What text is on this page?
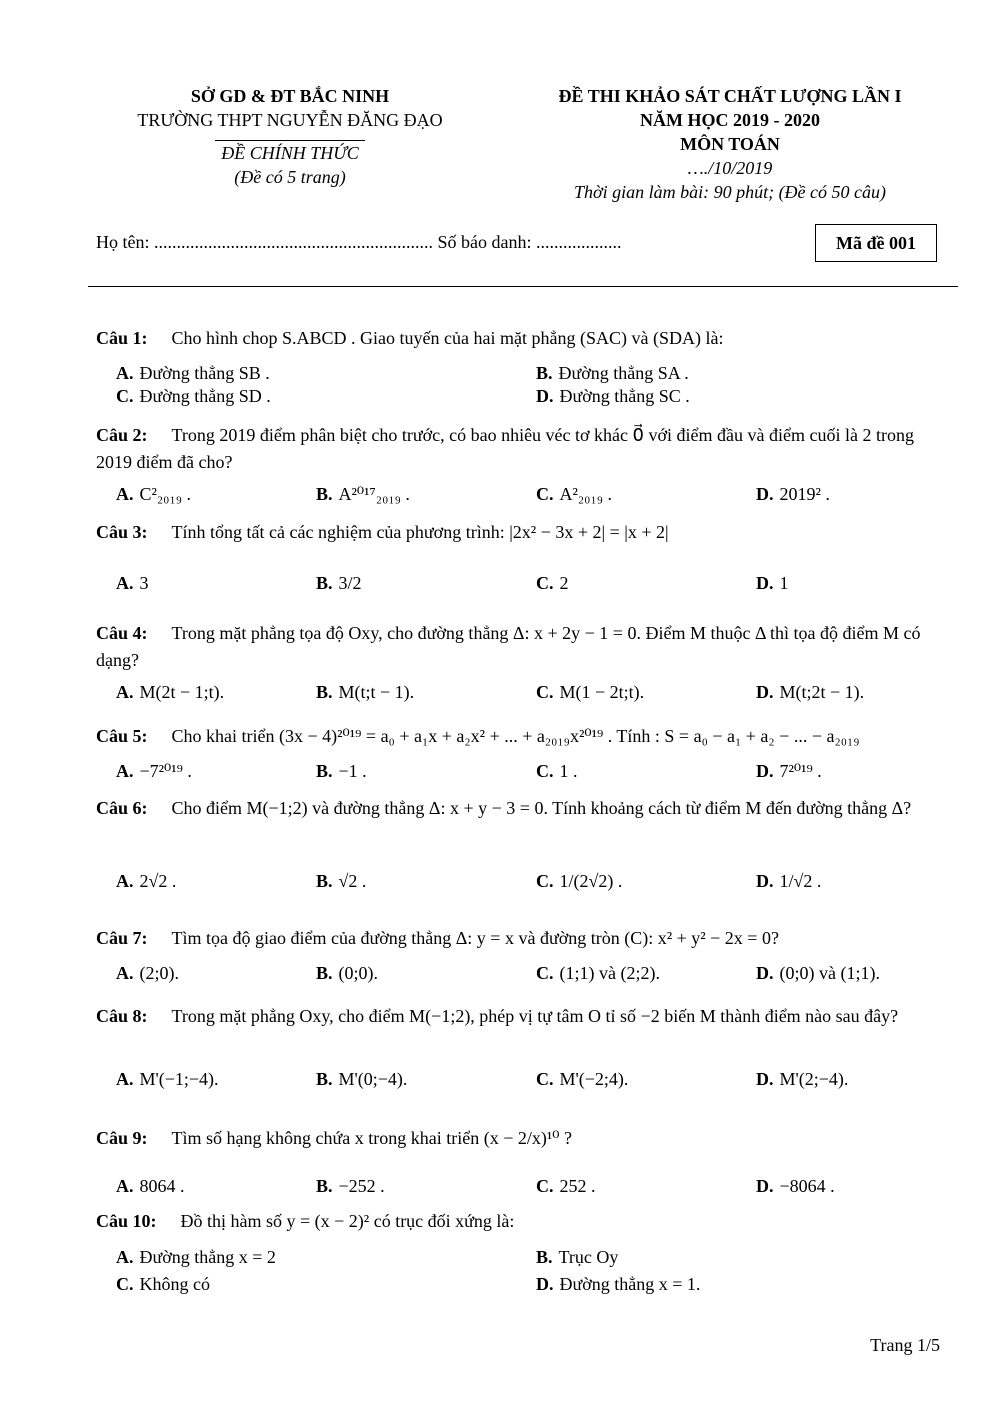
SỞ GD & ĐT BẮC NINH
TRƯỜNG THPT NGUYỄN ĐĂNG ĐẠO
ĐỀ CHÍNH THỨC
(Đề có 5 trang)
ĐỀ THI KHẢO SÁT CHẤT LƯỢNG LẦN I
NĂM HỌC 2019 - 2020
MÔN TOÁN
…./10/2019
Thời gian làm bài: 90 phút; (Đề có 50 câu)
Họ tên: .............................................................. Số báo danh: ...................	Mã đề 001
Câu 1: Cho hình chop S.ABCD . Giao tuyến của hai mặt phẳng (SAC) và (SDA) là:
A. Đường thẳng SB .	B. Đường thẳng SA .
C. Đường thẳng SD .	D. Đường thẳng SC .
Câu 2: Trong 2019 điểm phân biệt cho trước, có bao nhiêu véc tơ khác 0⃗ với điểm đầu và điểm cuối là 2 trong 2019 điểm đã cho?
A. C²₂₀₁₉ .	B. A²⁰¹⁷₂₀₁₉ .	C. A²₂₀₁₉ .	D. 2019² .
Câu 3: Tính tổng tất cả các nghiệm của phương trình: |2x² − 3x + 2| = |x + 2|
A. 3	B. 3/2	C. 2	D. 1
Câu 4: Trong mặt phẳng tọa độ Oxy, cho đường thẳng Δ: x + 2y − 1 = 0. Điểm M thuộc Δ thì tọa độ điểm M có dạng?
A. M(2t − 1;t).	B. M(t;t − 1).	C. M(1 − 2t;t).	D. M(t;2t − 1).
Câu 5: Cho khai triển (3x − 4)²⁰¹⁹ = a₀ + a₁x + a₂x² + ... + a₂₀₁₉x²⁰¹⁹ . Tính : S = a₀ − a₁ + a₂ − ... − a₂₀₁₉
A. −7²⁰¹⁹ .	B. −1 .	C. 1 .	D. 7²⁰¹⁹ .
Câu 6: Cho điểm M(−1;2) và đường thẳng Δ: x + y − 3 = 0. Tính khoảng cách từ điểm M đến đường thẳng Δ?
A. 2√2 .	B. √2 .	C. 1/(2√2) .	D. 1/√2 .
Câu 7: Tìm tọa độ giao điểm của đường thẳng Δ: y = x và đường tròn (C): x² + y² − 2x = 0?
A. (2;0).	B. (0;0).	C. (1;1) và (2;2).	D. (0;0) và (1;1).
Câu 8: Trong mặt phẳng Oxy, cho điểm M(−1;2), phép vị tự tâm O tỉ số −2 biến M thành điểm nào sau đây?
A. M'(−1;−4).	B. M'(0;−4).	C. M'(−2;4).	D. M'(2;−4).
Câu 9: Tìm số hạng không chứa x trong khai triển (x − 2/x)¹⁰ ?
A. 8064 .	B. −252 .	C. 252 .	D. −8064 .
Câu 10: Đồ thị hàm số y = (x − 2)² có trục đối xứng là:
A. Đường thẳng x = 2	B. Trục Oy
C. Không có	D. Đường thẳng x = 1.
Trang 1/5
